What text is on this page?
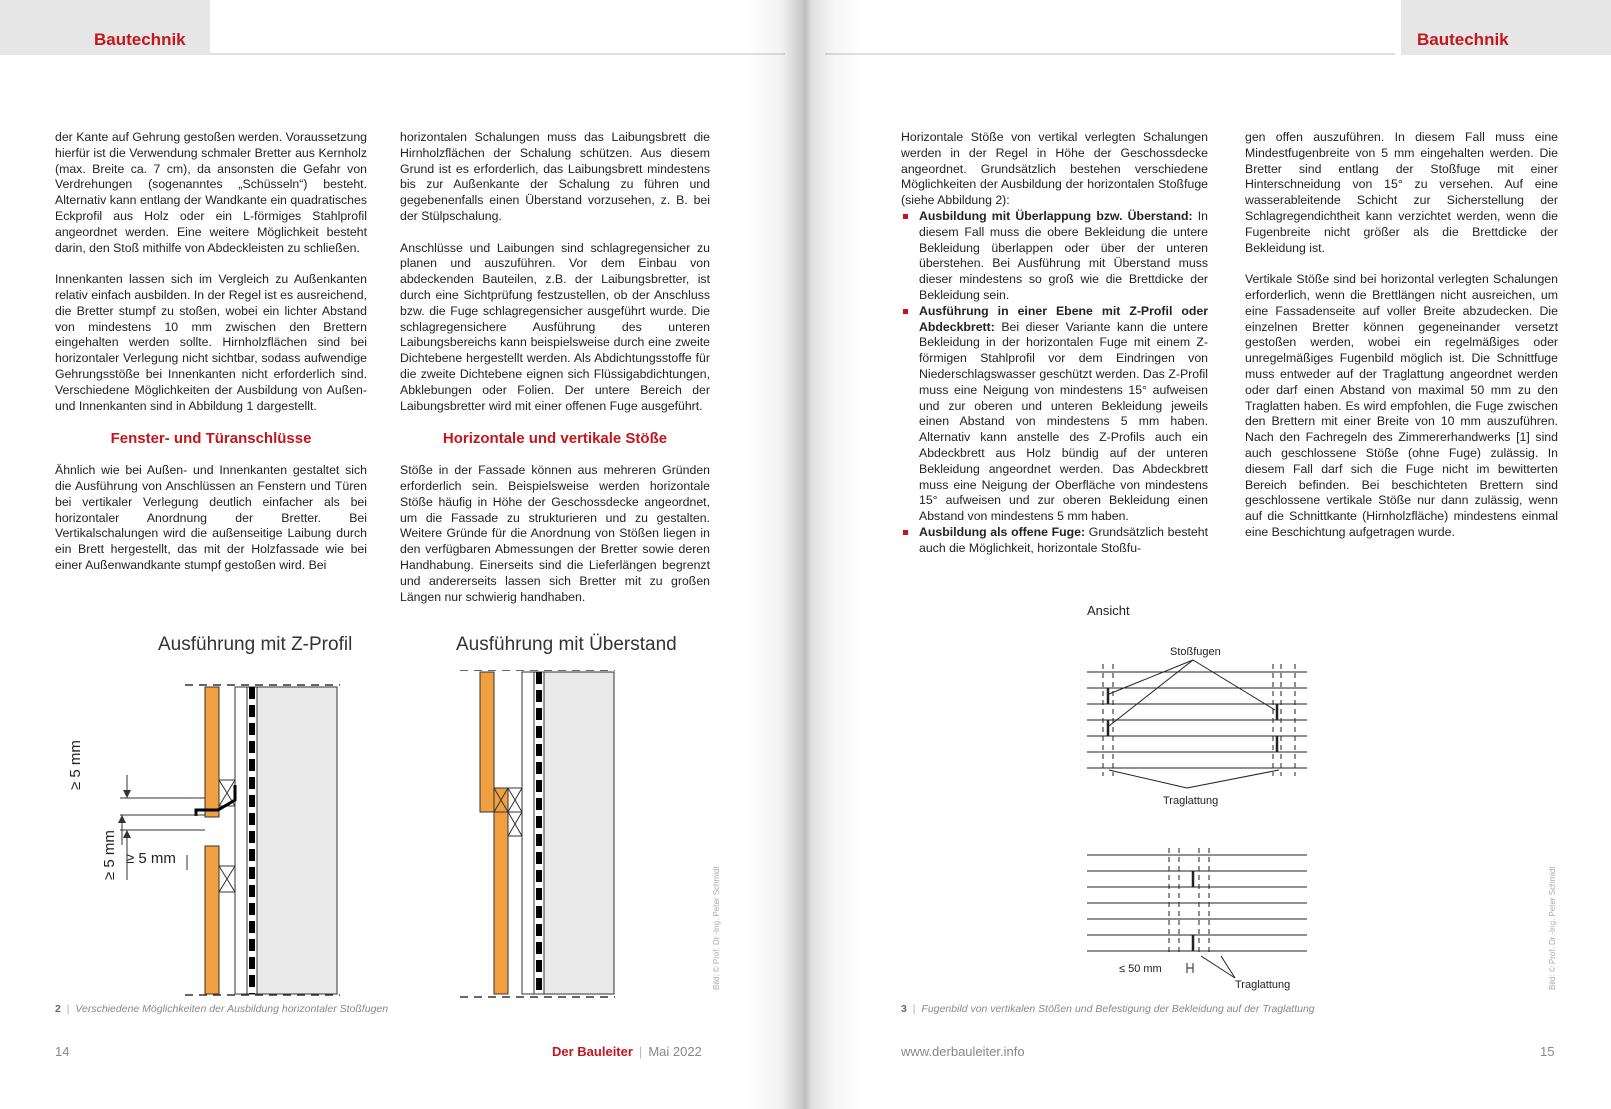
Bautechnik

der Kante auf Gehrung gestoßen werden. Voraussetzung hierfür ist die Verwendung schmaler Bretter aus Kernholz (max. Breite ca. 7 cm), da ansonsten die Gefahr von Verdrehungen (sogenanntes „Schüsseln“) besteht. Alternativ kann entlang der Wandkante ein quadratisches Eckprofil aus Holz oder ein L-förmiges Stahlprofil angeordnet werden. Eine weitere Möglichkeit besteht darin, den Stoß mithilfe von Abdeckleisten zu schließen.

Innenkanten lassen sich im Vergleich zu Außenkanten relativ einfach ausbilden. In der Regel ist es ausreichend, die Bretter stumpf zu stoßen, wobei ein lichter Abstand von mindestens 10 mm zwischen den Brettern eingehalten werden sollte. Hirnholzflächen sind bei horizontaler Verlegung nicht sichtbar, sodass aufwendige Gehrungsstöße bei Innenkanten nicht erforderlich sind. Verschiedene Möglichkeiten der Ausbildung von Außen- und Innenkanten sind in Abbildung 1 dargestellt.

Fenster- und Türanschlüsse

Ähnlich wie bei Außen- und Innenkanten gestaltet sich die Ausführung von Anschlüssen an Fenstern und Türen bei vertikaler Verlegung deutlich einfacher als bei horizontaler Anordnung der Bretter. Bei Vertikalschalungen wird die außenseitige Laibung durch ein Brett hergestellt, das mit der Holzfassade wie bei einer Außenwandkante stumpf gestoßen wird. Bei

horizontalen Schalungen muss das Laibungsbrett die Hirnholzflächen der Schalung schützen. Aus diesem Grund ist es erforderlich, das Laibungsbrett mindestens bis zur Außenkante der Schalung zu führen und gegebenenfalls einen Überstand vorzusehen, z. B. bei der Stülpschalung.

Anschlüsse und Laibungen sind schlagregensicher zu planen und auszuführen. Vor dem Einbau von abdeckenden Bauteilen, z.B. der Laibungsbretter, ist durch eine Sichtprüfung festzustellen, ob der Anschluss bzw. die Fuge schlagregensicher ausgeführt wurde. Die schlagregensichere Ausführung des unteren Laibungsbereichs kann beispielsweise durch eine zweite Dichtebene hergestellt werden. Als Abdichtungsstoffe für die zweite Dichtebene eignen sich Flüssigabdichtungen, Abklebungen oder Folien. Der untere Bereich der Laibungsbretter wird mit einer offenen Fuge ausgeführt.

Horizontale und vertikale Stöße

Stöße in der Fassade können aus mehreren Gründen erforderlich sein. Beispielsweise werden horizontale Stöße häufig in Höhe der Geschossdecke angeordnet, um die Fassade zu strukturieren und zu gestalten. Weitere Gründe für die Anordnung von Stößen liegen in den verfügbaren Abmessungen der Bretter sowie deren Handhabung. Einerseits sind die Lieferlängen begrenzt und andererseits lassen sich Bretter mit zu großen Längen nur schwierig handhaben.

Ausführung mit Z-Profil	Ausführung mit Überstand
≥ 5 mm
≥ 5 mm ≥ 5 mm
Bild: © Prof. Dr.-Ing. Peter Schmidt
2 | Verschiedene Möglichkeiten der Ausbildung horizontaler Stoßfugen
14	Der Bauleiter | Mai 2022
Bautechnik

Horizontale Stöße von vertikal verlegten Schalungen werden in der Regel in Höhe der Geschossdecke angeordnet. Grundsätzlich bestehen verschiedene Möglichkeiten der Ausbildung der horizontalen Stoßfuge (siehe Abbildung 2):

Ausbildung mit Überlappung bzw. Überstand: In diesem Fall muss die obere Bekleidung die untere Bekleidung überlappen oder über der unteren überstehen. Bei Ausführung mit Überstand muss dieser mindestens so groß wie die Brettdicke der Bekleidung sein.
Ausführung in einer Ebene mit Z-Profil oder Abdeckbrett: Bei dieser Variante kann die untere Bekleidung in der horizontalen Fuge mit einem Z-förmigen Stahlprofil vor dem Eindringen von Niederschlagswasser geschützt werden. Das Z-Profil muss eine Neigung von mindestens 15° aufweisen und zur oberen und unteren Bekleidung jeweils einen Abstand von mindestens 5 mm haben. Alternativ kann anstelle des Z-Profils auch ein Abdeckbrett aus Holz bündig auf der unteren Bekleidung angeordnet werden. Das Abdeckbrett muss eine Neigung der Oberfläche von mindestens 15° aufweisen und zur oberen Bekleidung einen Abstand von mindestens 5 mm haben.
Ausbildung als offene Fuge: Grundsätzlich besteht auch die Möglichkeit, horizontale Stoßfu-

gen offen auszuführen. In diesem Fall muss eine Mindestfugenbreite von 5 mm eingehalten werden. Die Bretter sind entlang der Stoßfuge mit einer Hinterschneidung von 15° zu versehen. Auf eine wasserableitende Schicht zur Sicherstellung der Schlagregendichtheit kann verzichtet werden, wenn die Fugenbreite nicht größer als die Brettdicke der Bekleidung ist.

Vertikale Stöße sind bei horizontal verlegten Schalungen erforderlich, wenn die Brettlängen nicht ausreichen, um eine Fassadenseite auf voller Breite abzudecken. Die einzelnen Bretter können gegeneinander versetzt gestoßen werden, wobei ein regelmäßiges oder unregelmäßiges Fugenbild möglich ist. Die Schnittfuge muss entweder auf der Traglattung angeordnet werden oder darf einen Abstand von maximal 50 mm zu den Traglatten haben. Es wird empfohlen, die Fuge zwischen den Brettern mit einer Breite von 10 mm auszuführen. Nach den Fachregeln des Zimmererhandwerks [1] sind auch geschlossene Stöße (ohne Fuge) zulässig. In diesem Fall darf sich die Fuge nicht im bewitterten Bereich befinden. Bei beschichteten Brettern sind geschlossene vertikale Stöße nur dann zulässig, wenn auf die Schnittkante (Hirnholzfläche) mindestens einmal eine Beschichtung aufgetragen wurde.

Ansicht
Stoßfugen
Traglattung
≤ 50 mm
Traglattung	Bild: © Prof. Dr.-Ing. Peter Schmidt
3 | Fugenbild von vertikalen Stößen und Befestigung der Bekleidung auf der Traglattung
www.derbauleiter.info	15
